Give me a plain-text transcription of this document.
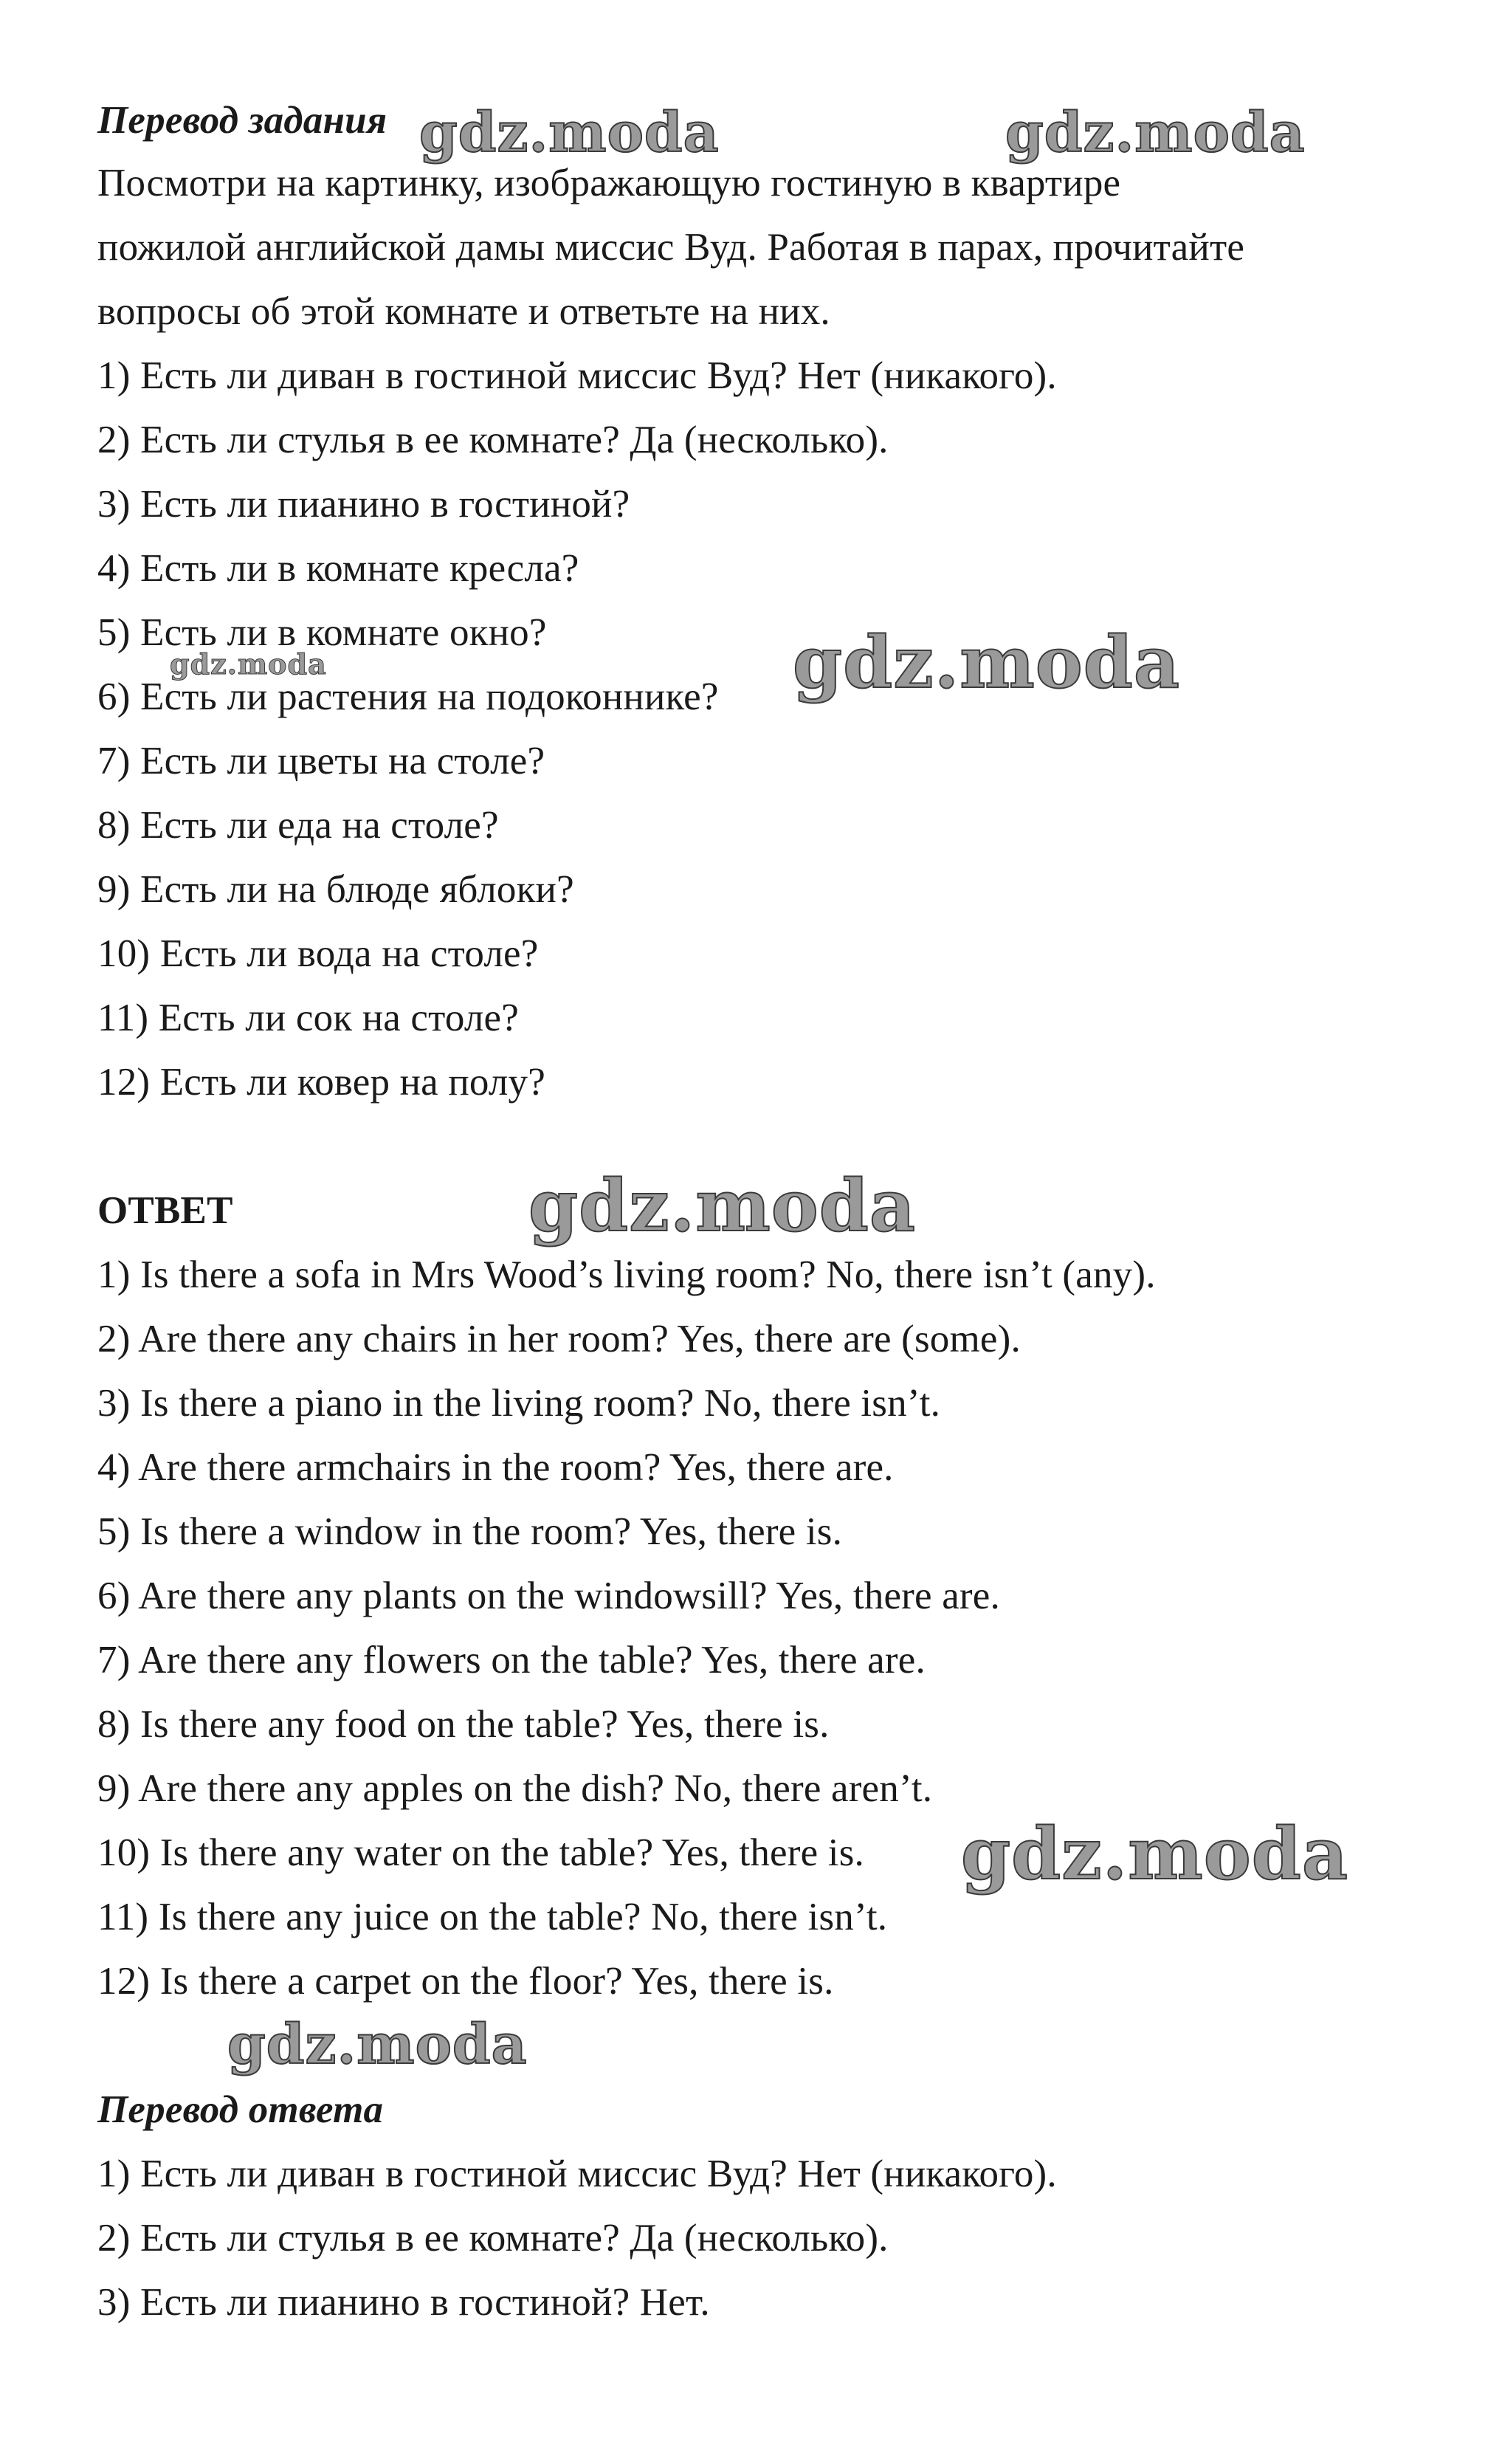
Перевод задания
Посмотри на картинку, изображающую гостиную в квартире
пожилой английской дамы миссис Вуд. Работая в парах, прочитайте
вопросы об этой комнате и ответьте на них.
1) Есть ли диван в гостиной миссис Вуд? Нет (никакого).
2) Есть ли стулья в ее комнате? Да (несколько).
3) Есть ли пианино в гостиной?
4) Есть ли в комнате кресла?
5) Есть ли в комнате окно?
6) Есть ли растения на подоконнике?
7) Есть ли цветы на столе?
8) Есть ли еда на столе?
9) Есть ли на блюде яблоки?
10) Есть ли вода на столе?
11) Есть ли сок на столе?
12) Есть ли ковер на полу?
ОТВЕТ
1) Is there a sofa in Mrs Wood’s living room? No, there isn’t (any).
2) Are there any chairs in her room? Yes, there are (some).
3) Is there a piano in the living room? No, there isn’t.
4) Are there armchairs in the room? Yes, there are.
5) Is there a window in the room? Yes, there is.
6) Are there any plants on the windowsill? Yes, there are.
7) Are there any flowers on the table? Yes, there are.
8) Is there any food on the table? Yes, there is.
9) Are there any apples on the dish? No, there aren’t.
10) Is there any water on the table? Yes, there is.
11) Is there any juice on the table? No, there isn’t.
12) Is there a carpet on the floor? Yes, there is.
Перевод ответа
1) Есть ли диван в гостиной миссис Вуд? Нет (никакого).
2) Есть ли стулья в ее комнате? Да (несколько).
3) Есть ли пианино в гостиной? Нет.
gdz.moda	gdz.moda
gdz.moda
gdz.moda
gdz.moda
gdz.moda
gdz.moda
